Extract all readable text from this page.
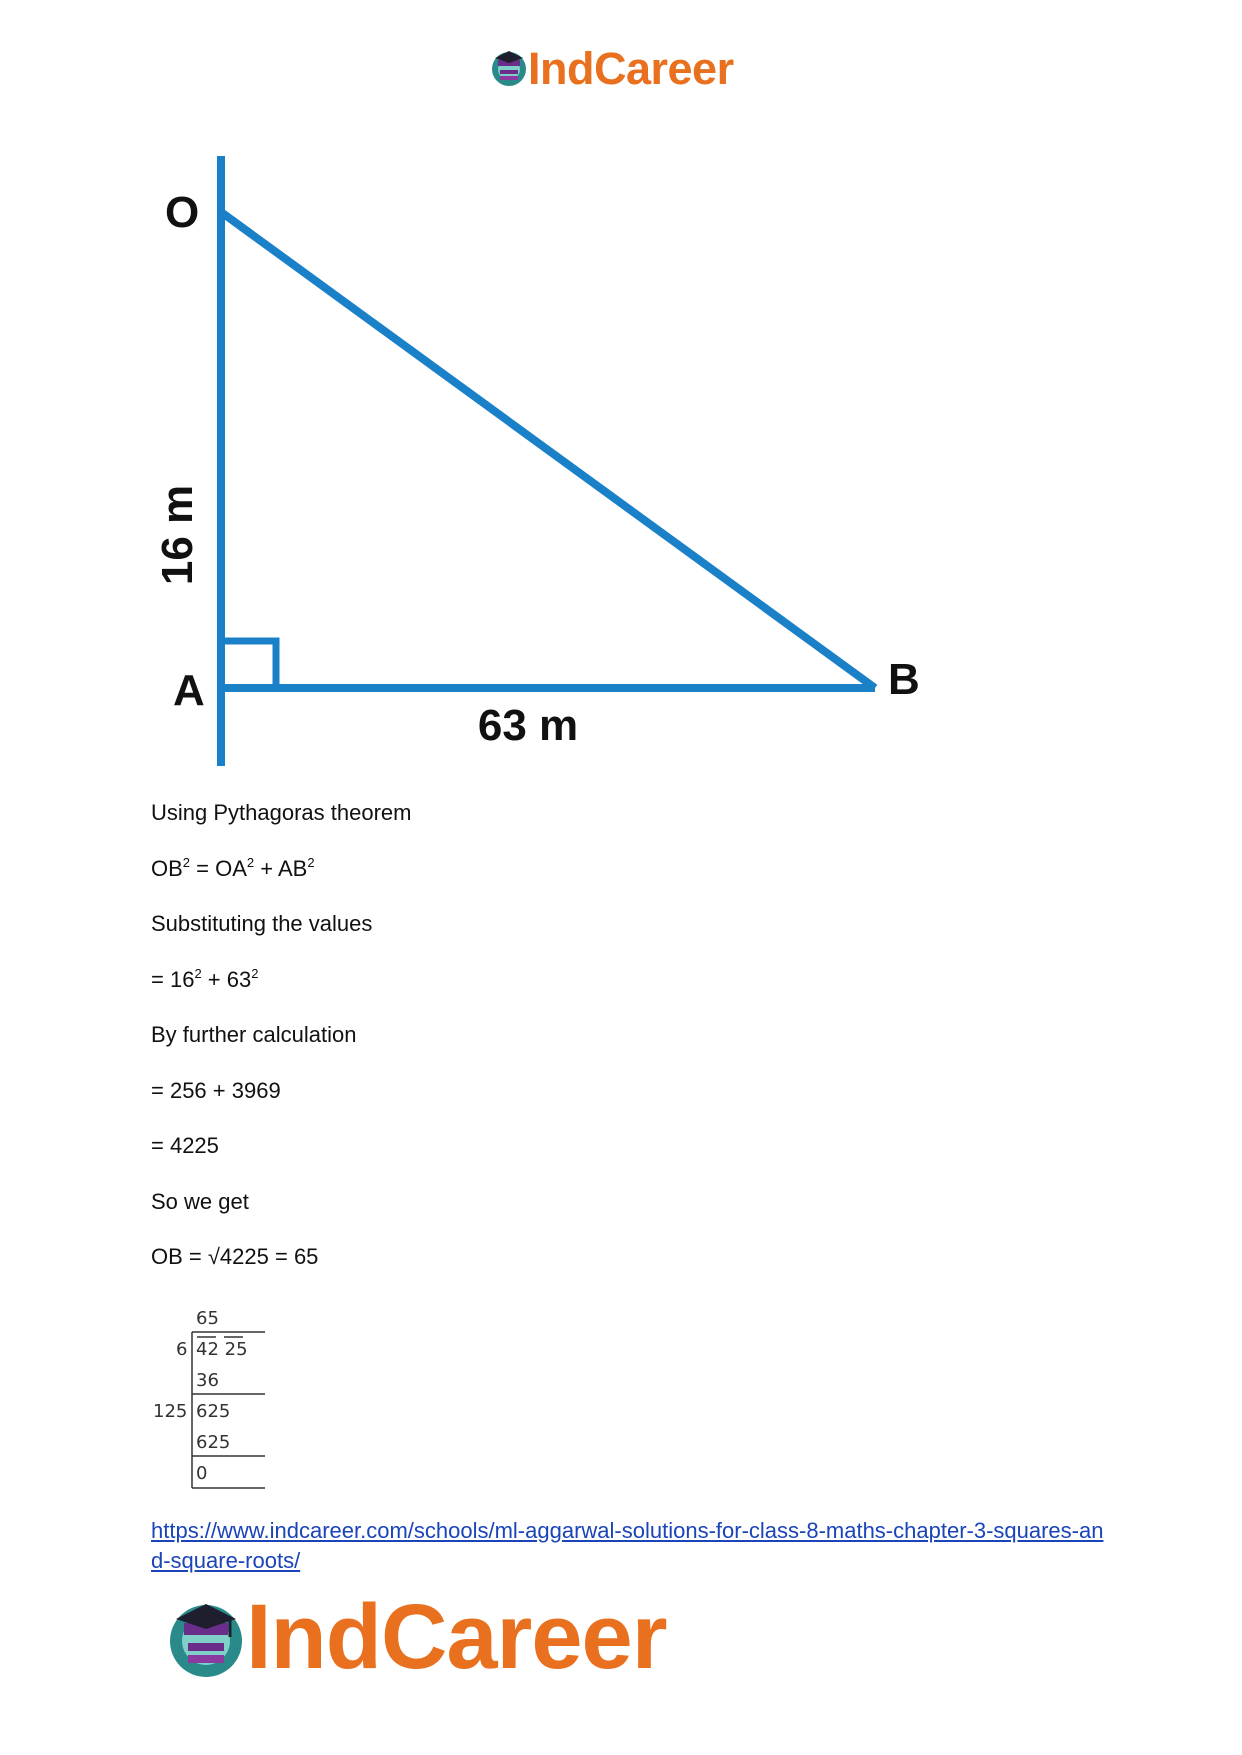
IndCareer
O
A	B
16 m
63 m
Using Pythagoras theorem
$OB^2 = OA^2 + AB^2$
Substituting the values
= $16^2 + 63^2$
By further calculation
= 256 + 3969
= 4225
So we get
OB = √4225 = 65
65
6 42 25
36
125 625
625
0
https://www.indcareer.com/schools/ml-aggarwal-solutions-for-class-8-maths-chapter-3-squares-and-square-roots/
IndCareer
